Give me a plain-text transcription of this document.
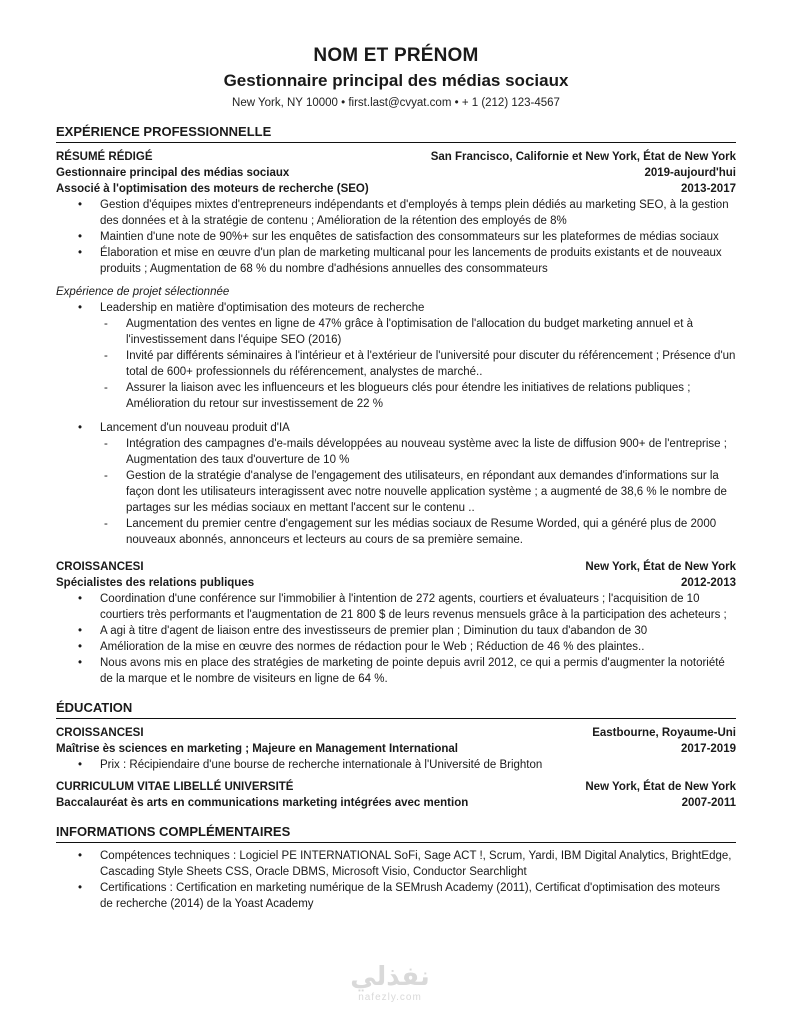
NOM ET PRÉNOM
Gestionnaire principal des médias sociaux
New York, NY 10000 • first.last@cvyat.com • + 1 (212) 123-4567
EXPÉRIENCE PROFESSIONNELLE
RÉSUMÉ RÉDIGÉ	San Francisco, Californie et New York, État de New York
Gestionnaire principal des médias sociaux	2019-aujourd'hui
Associé à l'optimisation des moteurs de recherche (SEO)	2013-2017
• Gestion d'équipes mixtes d'entrepreneurs indépendants et d'employés à temps plein dédiés au marketing SEO, à la gestion des données et à la stratégie de contenu ; Amélioration de la rétention des employés de 8%
• Maintien d'une note de 90%+ sur les enquêtes de satisfaction des consommateurs sur les plateformes de médias sociaux
• Élaboration et mise en œuvre d'un plan de marketing multicanal pour les lancements de produits existants et de nouveaux produits ; Augmentation de 68 % du nombre d'adhésions annuelles des consommateurs
Expérience de projet sélectionnée
• Leadership en matière d'optimisation des moteurs de recherche
- Augmentation des ventes en ligne de 47% grâce à l'optimisation de l'allocation du budget marketing annuel et à l'investissement dans l'équipe SEO (2016)
- Invité par différents séminaires à l'intérieur et à l'extérieur de l'université pour discuter du référencement ; Présence d'un total de 600+ professionnels du référencement, analystes de marché..
- Assurer la liaison avec les influenceurs et les blogueurs clés pour étendre les initiatives de relations publiques ; Amélioration du retour sur investissement de 22 %
• Lancement d'un nouveau produit d'IA
- Intégration des campagnes d'e-mails développées au nouveau système avec la liste de diffusion 900+ de l'entreprise ; Augmentation des taux d'ouverture de 10 %
- Gestion de la stratégie d'analyse de l'engagement des utilisateurs, en répondant aux demandes d'informations sur la façon dont les utilisateurs interagissent avec notre nouvelle application système ; a augmenté de 38,6 % le nombre de partages sur les médias sociaux en mettant l'accent sur le contenu ..
- Lancement du premier centre d'engagement sur les médias sociaux de Resume Worded, qui a généré plus de 2000 nouveaux abonnés, annonceurs et lecteurs au cours de sa première semaine.
CROISSANCESI	New York, État de New York
Spécialistes des relations publiques	2012-2013
• Coordination d'une conférence sur l'immobilier à l'intention de 272 agents, courtiers et évaluateurs ; l'acquisition de 10 courtiers très performants et l'augmentation de 21 800 $ de leurs revenus mensuels grâce à la participation des acheteurs ;
• A agi à titre d'agent de liaison entre des investisseurs de premier plan ; Diminution du taux d'abandon de 30
• Amélioration de la mise en œuvre des normes de rédaction pour le Web ; Réduction de 46 % des plaintes..
• Nous avons mis en place des stratégies de marketing de pointe depuis avril 2012, ce qui a permis d'augmenter la notoriété de la marque et le nombre de visiteurs en ligne de 64 %.
ÉDUCATION
CROISSANCESI	Eastbourne, Royaume-Uni
Maîtrise ès sciences en marketing ; Majeure en Management International	2017-2019
• Prix : Récipiendaire d'une bourse de recherche internationale à l'Université de Brighton
CURRICULUM VITAE LIBELLÉ UNIVERSITÉ	New York, État de New York
Baccalauréat ès arts en communications marketing intégrées avec mention	2007-2011
INFORMATIONS COMPLÉMENTAIRES
• Compétences techniques : Logiciel PE INTERNATIONAL SoFi, Sage ACT !, Scrum, Yardi, IBM Digital Analytics, BrightEdge, Cascading Style Sheets CSS, Oracle DBMS, Microsoft Visio, Conductor Searchlight
• Certifications : Certification en marketing numérique de la SEMrush Academy (2011), Certificat d'optimisation des moteurs de recherche (2014) de la Yoast Academy
نفذلي
nafezly.com
